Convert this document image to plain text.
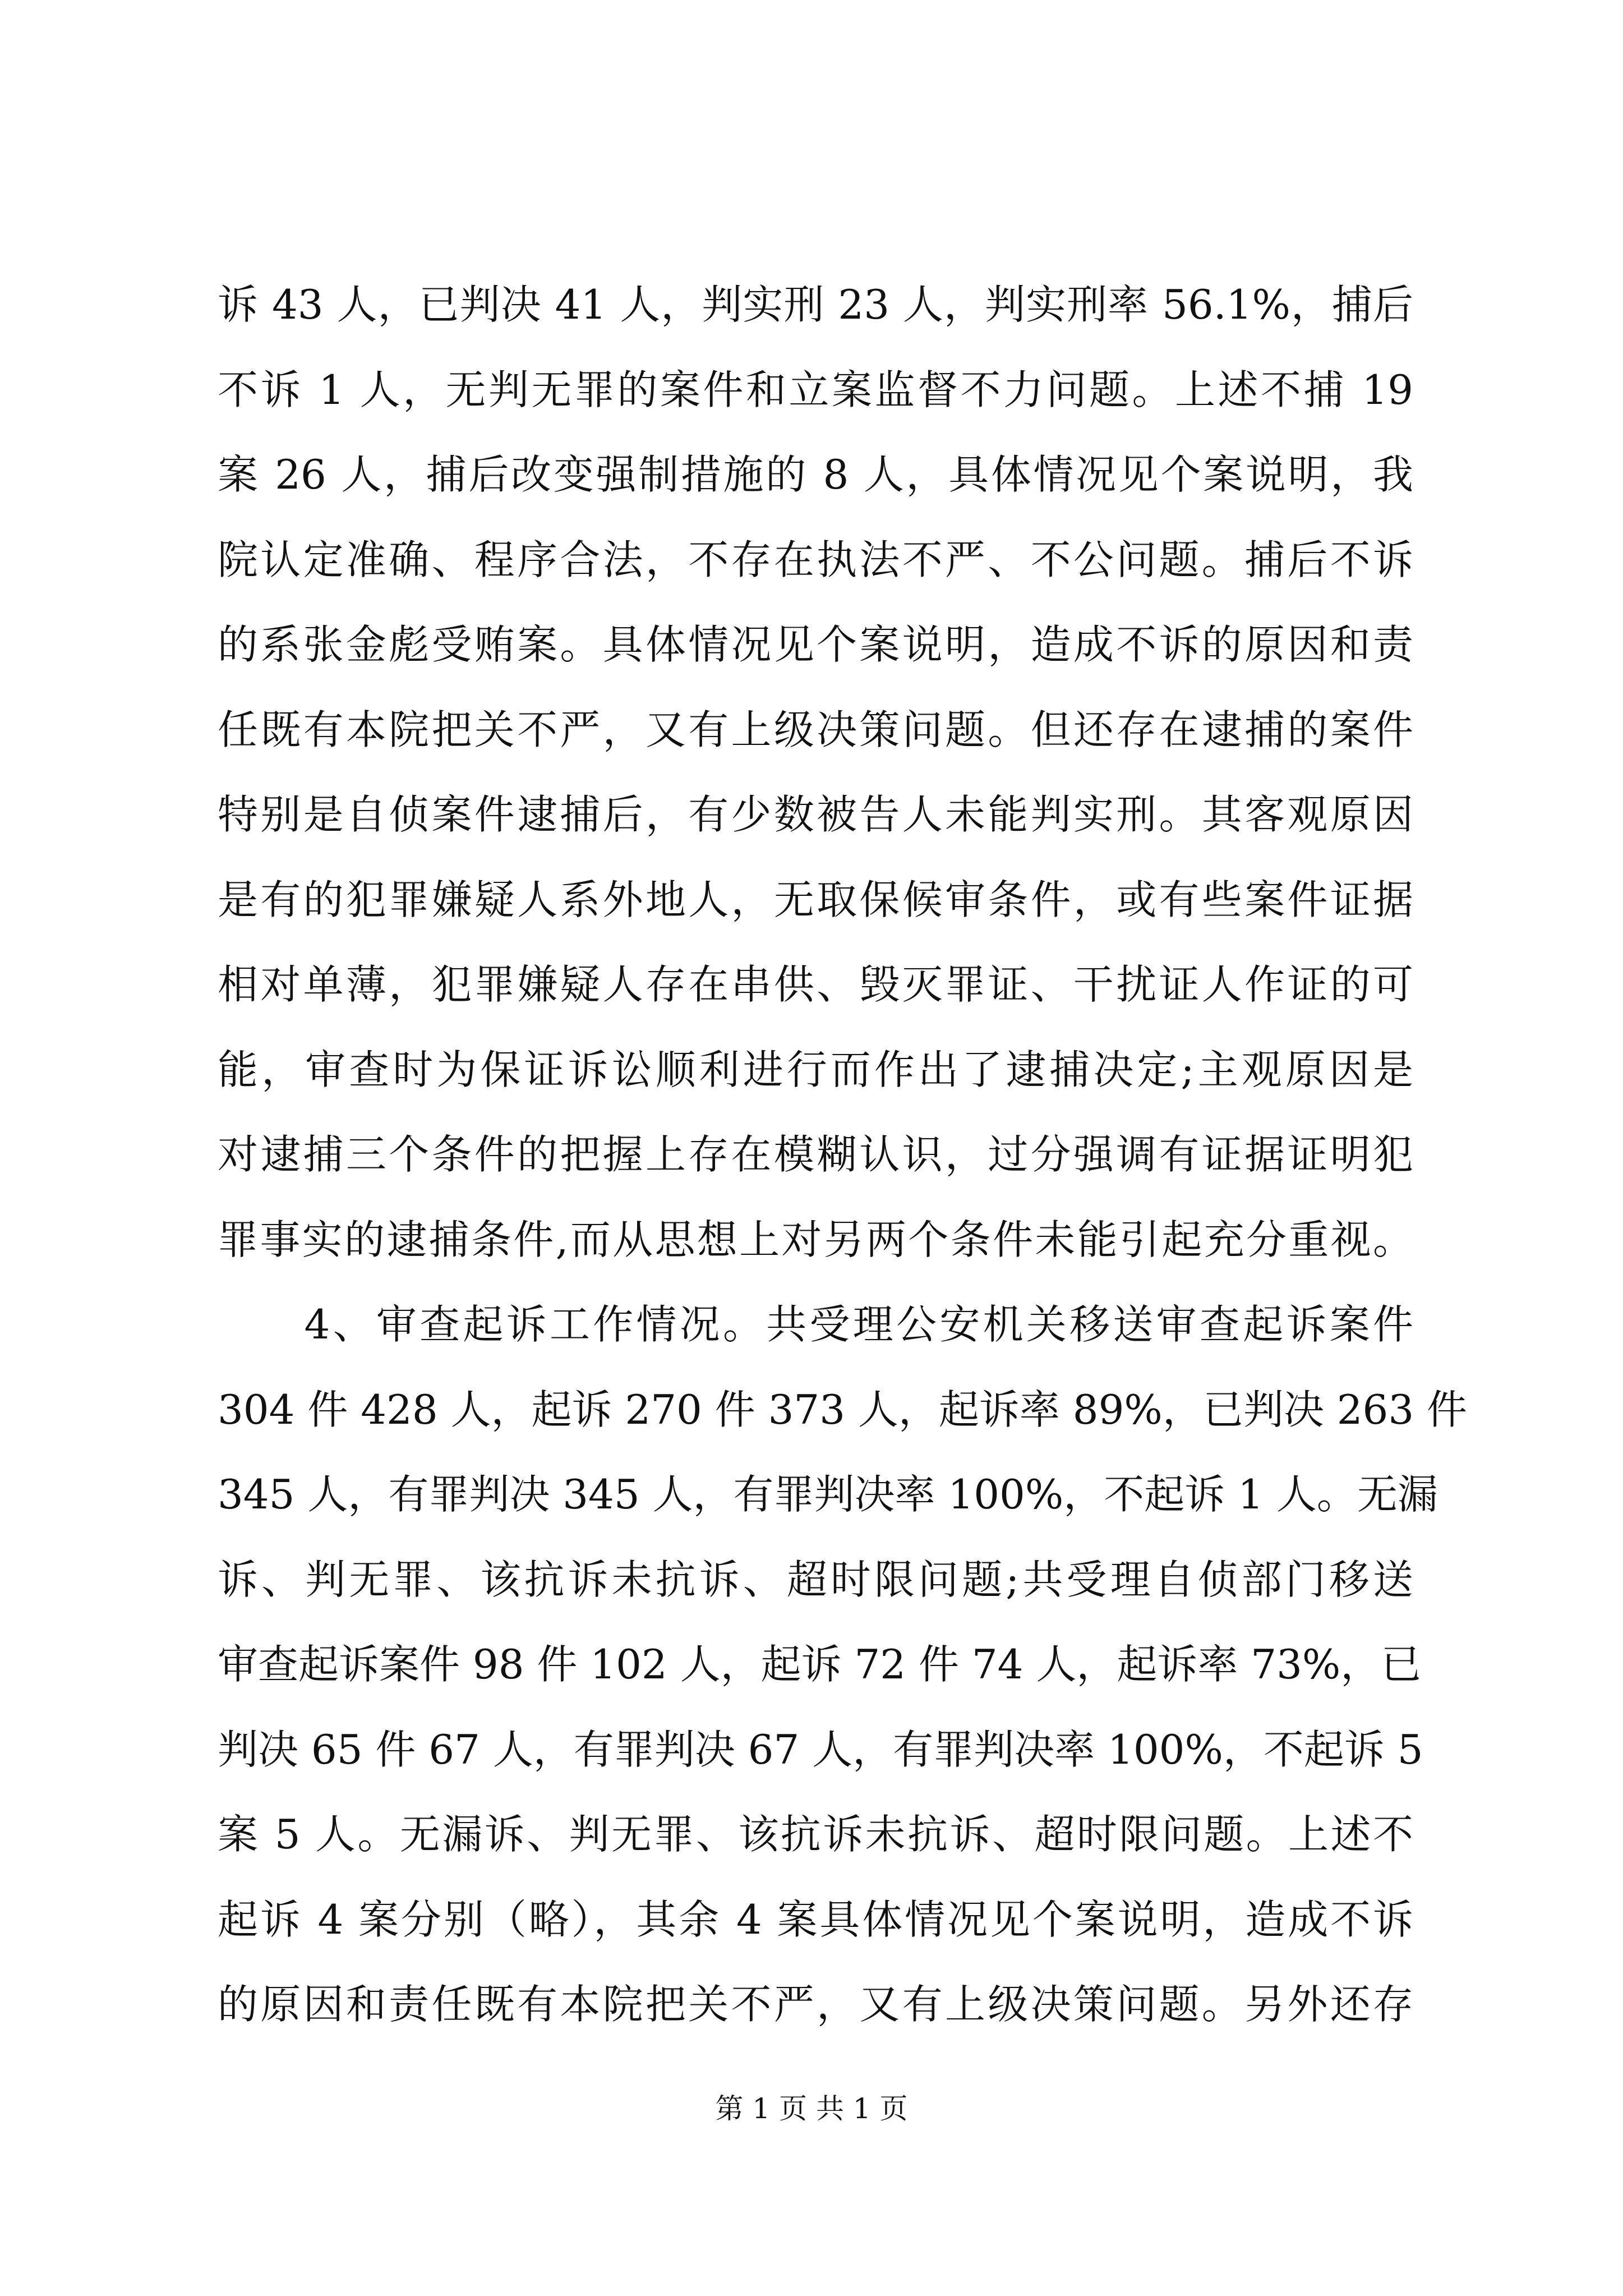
诉 43 人，已判决 41 人，判实刑 23 人，判实刑率 56.1%，捕后
不诉 1 人，无判无罪的案件和立案监督不力问题。上述不捕 19
案 26 人，捕后改变强制措施的 8 人，具体情况见个案说明，我
院认定准确、程序合法，不存在执法不严、不公问题。捕后不诉
的系张金彪受贿案。具体情况见个案说明，造成不诉的原因和责
任既有本院把关不严，又有上级决策问题。但还存在逮捕的案件
特别是自侦案件逮捕后，有少数被告人未能判实刑。其客观原因
是有的犯罪嫌疑人系外地人，无取保候审条件，或有些案件证据
相对单薄，犯罪嫌疑人存在串供、毁灭罪证、干扰证人作证的可
能，审查时为保证诉讼顺利进行而作出了逮捕决定;主观原因是
对逮捕三个条件的把握上存在模糊认识，过分强调有证据证明犯
罪事实的逮捕条件,而从思想上对另两个条件未能引起充分重视。
　　4、审查起诉工作情况。共受理公安机关移送审查起诉案件
304 件 428 人，起诉 270 件 373 人，起诉率 89%，已判决 263 件
345 人，有罪判决 345 人，有罪判决率 100%，不起诉 1 人。无漏
诉、判无罪、该抗诉未抗诉、超时限问题;共受理自侦部门移送
审查起诉案件 98 件 102 人，起诉 72 件 74 人，起诉率 73%，已
判决 65 件 67 人，有罪判决 67 人，有罪判决率 100%，不起诉 5
案 5 人。无漏诉、判无罪、该抗诉未抗诉、超时限问题。上述不
起诉 4 案分别（略），其余 4 案具体情况见个案说明，造成不诉
的原因和责任既有本院把关不严，又有上级决策问题。另外还存
第 1 页 共 1 页
